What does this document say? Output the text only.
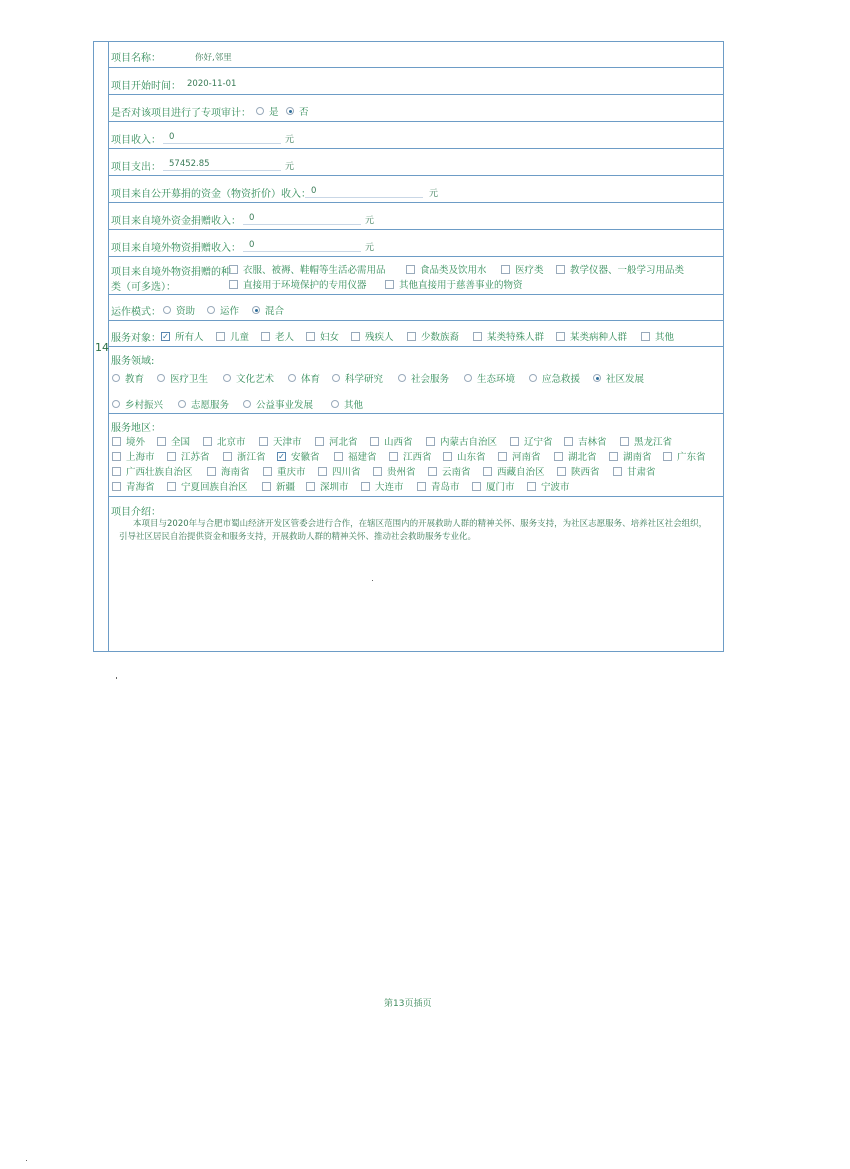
14
项目名称：	你好,邻里
项目开始时间： 2020-11-01
是否对该项目进行了专项审计： 是 否
项目收入： 0	元
项目支出： 57452.85	元
项目来自公开募捐的资金（物资折价）收入： 0	元
项目来自境外资金捐赠收入： 0	元
项目来自境外物资捐赠收入： 0	元
项目来自境外物资捐赠的种
类（可多选）：
衣服、被褥、鞋帽等生活必需用品	食品类及饮用水	医疗类	教学仪器、一般学习用品类
直接用于环境保护的专用仪器	其他直接用于慈善事业的物资
运作模式： 资助	运作	混合
服务对象： ✓ 所有人	儿童	老人	妇女	残疾人	少数族裔	某类特殊人群	某类病种人群	其他
服务领域:
教育	医疗卫生	文化艺术	体育	科学研究	社会服务	生态环境	应急救援	社区发展
乡村振兴	志愿服务	公益事业发展	其他
服务地区：
境外	全国	北京市	天津市	河北省	山西省	内蒙古自治区	辽宁省	吉林省	黑龙江省
上海市	江苏省	浙江省 ✓ 安徽省	福建省	江西省	山东省	河南省	湖北省	湖南省	广东省
广西壮族自治区	海南省	重庆市	四川省	贵州省	云南省	西藏自治区	陕西省	甘肃省
青海省	宁夏回族自治区	新疆	深圳市	大连市	青岛市	厦门市	宁波市
项目介绍：
本项目与2020年与合肥市蜀山经济开发区管委会进行合作，在辖区范围内的开展救助人群的精神关怀、服务支持，为社区志愿服务、培养社区社会组织，引导社区居民自治提供资金和服务支持，开展救助人群的精神关怀、推动社会救助服务专业化。
第13页插页
